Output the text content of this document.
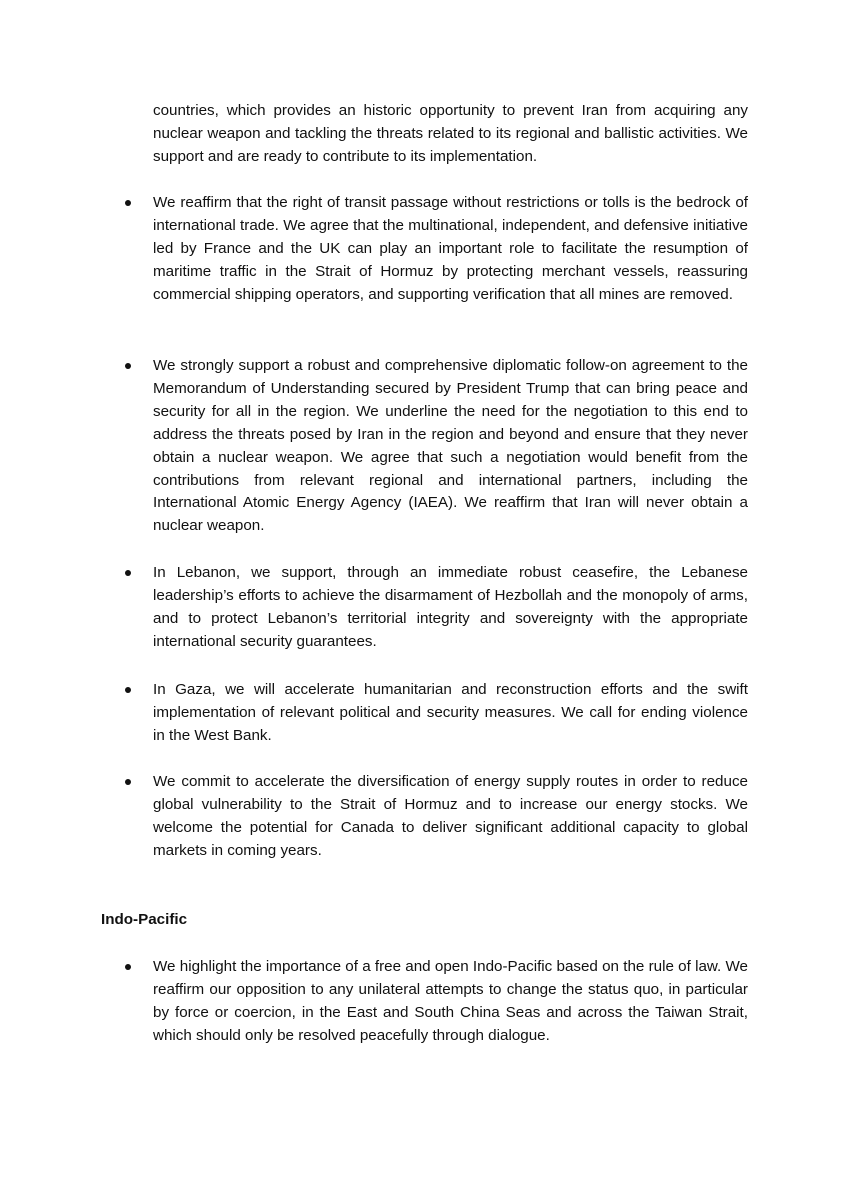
countries, which provides an historic opportunity to prevent Iran from acquiring any nuclear weapon and tackling the threats related to its regional and ballistic activities. We support and are ready to contribute to its implementation.

We reaffirm that the right of transit passage without restrictions or tolls is the bedrock of international trade. We agree that the multinational, independent, and defensive initiative led by France and the UK can play an important role to facilitate the resumption of maritime traffic in the Strait of Hormuz by protecting merchant vessels, reassuring commercial shipping operators, and supporting verification that all mines are removed.

We strongly support a robust and comprehensive diplomatic follow-on agreement to the Memorandum of Understanding secured by President Trump that can bring peace and security for all in the region. We underline the need for the negotiation to this end to address the threats posed by Iran in the region and beyond and ensure that they never obtain a nuclear weapon. We agree that such a negotiation would benefit from the contributions from relevant regional and international partners, including the International Atomic Energy Agency (IAEA). We reaffirm that Iran will never obtain a nuclear weapon.

In Lebanon, we support, through an immediate robust ceasefire, the Lebanese leadership’s efforts to achieve the disarmament of Hezbollah and the monopoly of arms, and to protect Lebanon’s territorial integrity and sovereignty with the appropriate international security guarantees.

In Gaza, we will accelerate humanitarian and reconstruction efforts and the swift implementation of relevant political and security measures. We call for ending violence in the West Bank.

We commit to accelerate the diversification of energy supply routes in order to reduce global vulnerability to the Strait of Hormuz and to increase our energy stocks. We welcome the potential for Canada to deliver significant additional capacity to global markets in coming years.

Indo-Pacific

We highlight the importance of a free and open Indo-Pacific based on the rule of law. We reaffirm our opposition to any unilateral attempts to change the status quo, in particular by force or coercion, in the East and South China Seas and across the Taiwan Strait, which should only be resolved peacefully through dialogue.
